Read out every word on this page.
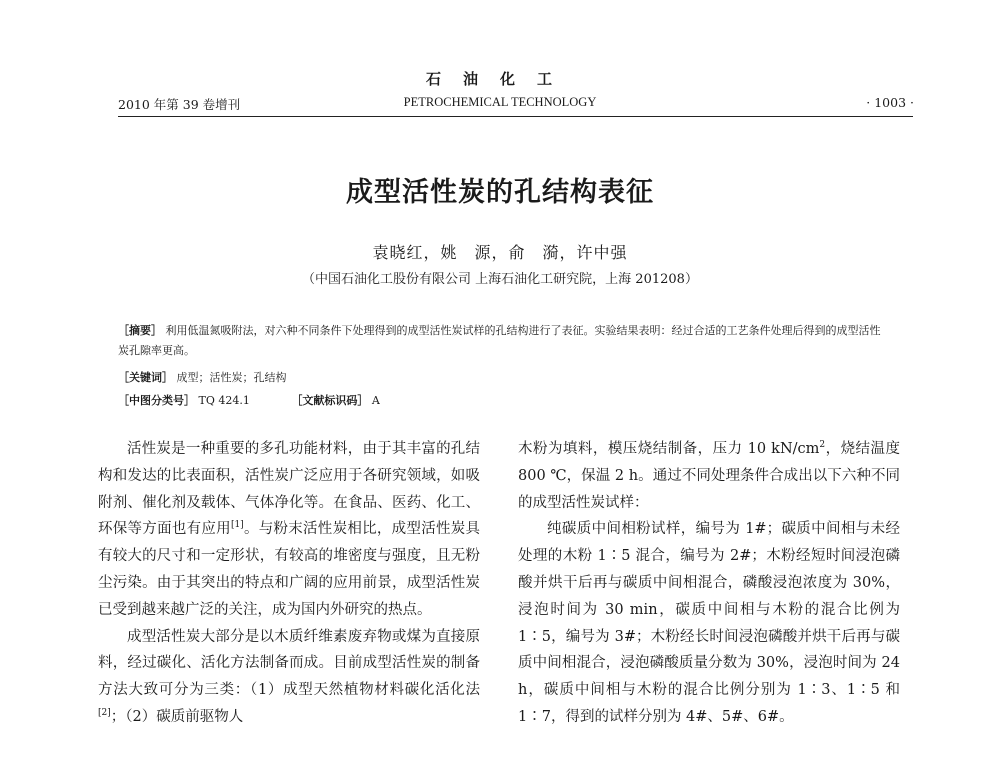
石油化工
2010 年第 39 卷增刊	PETROCHEMICAL TECHNOLOGY	· 1003 ·
成型活性炭的孔结构表征
袁晓红，姚　源，俞　漪，许中强
（中国石油化工股份有限公司 上海石油化工研究院，上海 201208）
［摘要］ 利用低温氮吸附法，对六种不同条件下处理得到的成型活性炭试样的孔结构进行了表征。实验结果表明：经过合适的工艺条件处理后得到的成型活性炭孔隙率更高。
［关键词］ 成型；活性炭；孔结构
［中图分类号］ TQ 424.1	［文献标识码］ A

活性炭是一种重要的多孔功能材料，由于其丰富的孔结构和发达的比表面积，活性炭广泛应用于各研究领域，如吸附剂、催化剂及载体、气体净化等。在食品、医药、化工、环保等方面也有应用[1]。与粉末活性炭相比，成型活性炭具有较大的尺寸和一定形状，有较高的堆密度与强度，且无粉尘污染。由于其突出的特点和广阔的应用前景，成型活性炭已受到越来越广泛的关注，成为国内外研究的热点。

成型活性炭大部分是以木质纤维素废弃物或煤为直接原料，经过碳化、活化方法制备而成。目前成型活性炭的制备方法大致可分为三类：（1）成型天然植物材料碳化活化法[2]；（2）碳质前驱物人

木粉为填料，模压烧结制备，压力 10 $kN/cm^2$，烧结温度 800 ℃，保温 2 h。通过不同处理条件合成出以下六种不同的成型活性炭试样：

纯碳质中间相粉试样，编号为 1#；碳质中间相与未经处理的木粉 1∶5 混合，编号为 2#；木粉经短时间浸泡磷酸并烘干后再与碳质中间相混合，磷酸浸泡浓度为 30%，浸泡时间为 30 min，碳质中间相与木粉的混合比例为 1∶5，编号为 3#；木粉经长时间浸泡磷酸并烘干后再与碳质中间相混合，浸泡磷酸质量分数为 30%，浸泡时间为 24 h，碳质中间相与木粉的混合比例分别为 1∶3、1∶5 和 1∶7，得到的试样分别为 4#、5#、6#。
